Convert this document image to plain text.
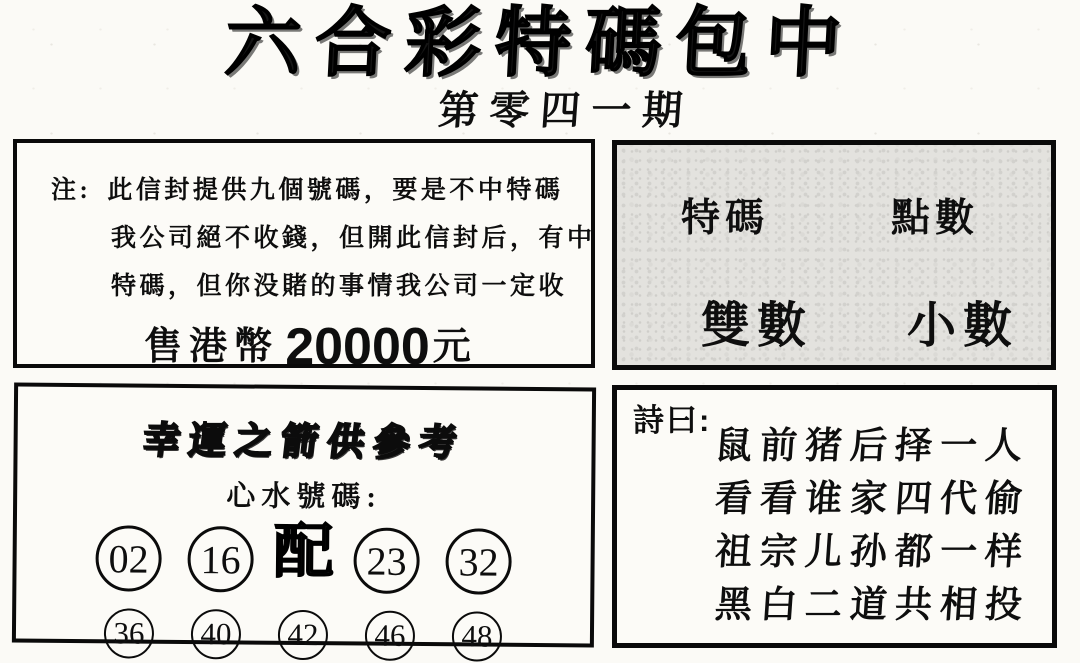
六合彩特碼包中
第零四一期
注: 此信封提供九個號碼，要是不中特碼
我公司絕不收錢，但開此信封后，有中
特碼，但你没賭的事情我公司一定收
售港幣 20000元
特碼	點數
雙數 小數
幸運之箭供參考
心水號碼:
02	16 配 23	32
36	40	42	46	48
詩曰:
鼠前猪后择一人
看看谁家四代偷
祖宗儿孙都一样
黑白二道共相投
